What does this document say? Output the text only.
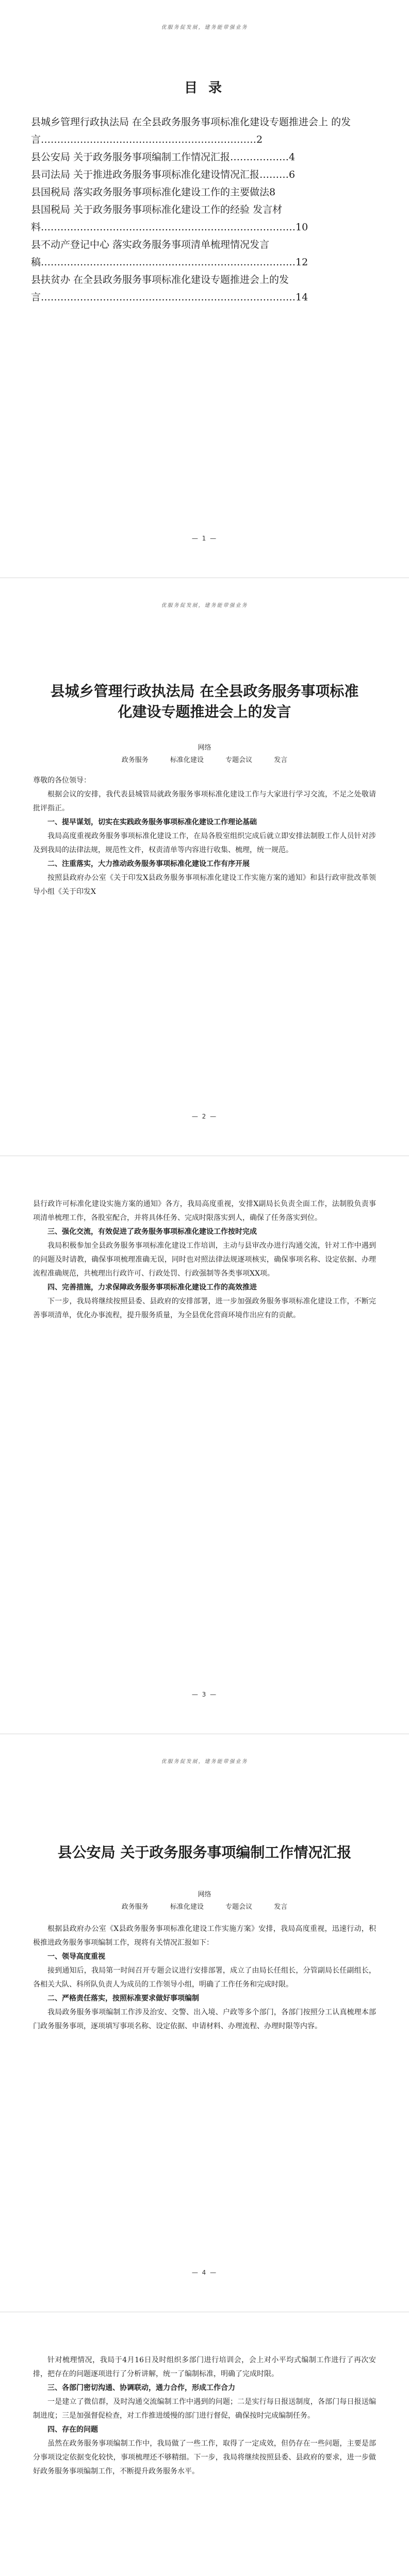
优服务促发展，建务能带强业务
目 录

县城乡管理行政执法局 在全县政务服务事项标准化建设专题推进会上 的发言…………………………………………………………2

县公安局 关于政务服务事项编制工作情况汇报………………4

县司法局 关于推进政务服务事项标准化建设情况汇报………6

县国税局 落实政务服务事项标准化建设工作的主要做法8

县国税局 关于政务服务事项标准化建设工作的经验 发言材料……………………………………………………………………10

县不动产登记中心 落实政务服务事项清单梳理情况发言稿……………………………………………………………………12

县扶贫办 在全县政务服务事项标准化建设专题推进会上的发言……………………………………………………………………14

— 1 —
优服务促发展，建务能带强业务
县城乡管理行政执法局 在全县政务服务事项标准化建设专题推进会上的发言
网络
政务服务	标准化建设	专题会议	发言

尊敬的各位领导：

根据会议的安排，我代表县城管局就政务服务事项标准化建设工作与大家进行学习交流，不足之处敬请批评指正。

一、提早谋划，切实在实践政务服务事项标准化建设工作理论基础

我局高度重视政务服务事项标准化建设工作，在局各股室组织完成后就立即安排法制股工作人员针对涉及到我局的法律法规，规范性文件，权责清单等内容进行收集、梳理，统一规范。

二、注重落实，大力推动政务服务事项标准化建设工作有序开展

按照县政府办公室《关于印发X县政务服务事项标准化建设工作实施方案的通知》和县行政审批改革领导小组《关于印发X

— 2 —

县行政许可标准化建设实施方案的通知》各方，我局高度重视，安排X副局长负责全面工作，法制股负责事项清单梳理工作，各股室配合，并将具体任务、完成时限落实到人，确保了任务落实到位。

三、强化交流，有效促进了政务服务事项标准化建设工作按时完成

我局积极参加全县政务服务事项标准化建设工作培训，主动与县审改办进行沟通交流，针对工作中遇到的问题及时请教，确保事项梳理准确无误，同时也对照法律法规逐项核实，确保事项名称、设定依据、办理流程准确规范，共梳理出行政许可、行政处罚、行政强制等各类事项XX项。

四、完善措施，力求保障政务服务事项标准化建设工作的高效推进

下一步，我局将继续按照县委、县政府的安排部署，进一步加强政务服务事项标准化建设工作，不断完善事项清单，优化办事流程，提升服务质量，为全县优化营商环境作出应有的贡献。

— 3 —
优服务促发展，建务能带强业务
县公安局 关于政务服务事项编制工作情况汇报
网络
政务服务	标准化建设	专题会议	发言

根据县政府办公室《X县政务服务事项标准化建设工作实施方案》安排，我局高度重视，迅速行动，积极推进政务服务事项编制工作，现将有关情况汇报如下：

一、领导高度重视

接到通知后，我局第一时间召开专题会议进行安排部署，成立了由局长任组长，分管副局长任副组长，各相关大队、科所队负责人为成员的工作领导小组，明确了工作任务和完成时限。

二、严格责任落实，按照标准要求做好事项编制

我局政务服务事项编制工作涉及治安、交警、出入境、户政等多个部门，各部门按照分工认真梳理本部门政务服务事项，逐项填写事项名称、设定依据、申请材料、办理流程、办理时限等内容。

— 4 —

针对梳理情况，我局于4月16日及时组织多部门进行培训会，会上对小平均式编制工作进行了再次安排，把存在的问题逐项进行了分析讲解，统一了编制标准，明确了完成时限。

三、各部门密切沟通、协调联动，通力合作，形成工作合力

一是建立了微信群，及时沟通交流编制工作中遇到的问题；二是实行每日报送制度，各部门每日报送编制进度；三是加强督促检查，对工作推进缓慢的部门进行督促，确保按时完成编制任务。

四、存在的问题

虽然在政务服务事项编制工作中，我局做了一些工作，取得了一定成效，但仍存在一些问题，主要是部分事项设定依据变化较快，事项梳理还不够精细。下一步，我局将继续按照县委、县政府的要求，进一步做好政务服务事项编制工作，不断提升政务服务水平。
